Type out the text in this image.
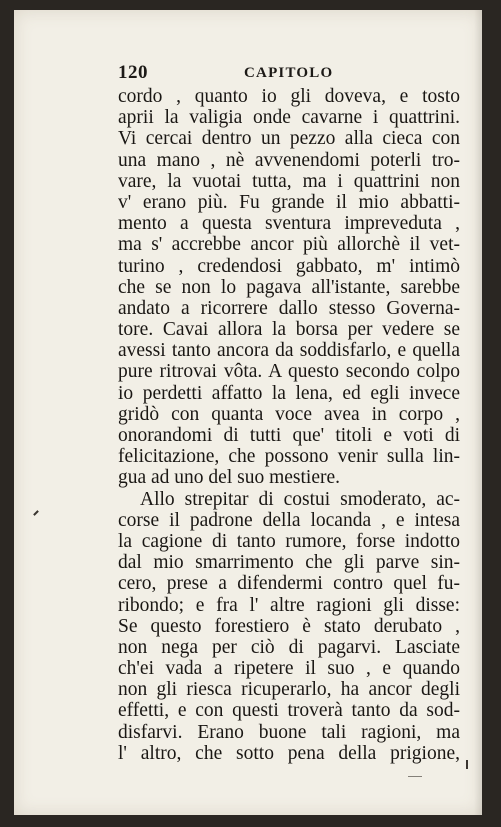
120	CAPITOLO
cordo , quanto io gli doveva, e tosto
aprii la valigia onde cavarne i quattrini.
Vi cercai dentro un pezzo alla cieca con
una mano , nè avvenendomi poterli tro-
vare, la vuotai tutta, ma i quattrini non
v' erano più. Fu grande il mio abbatti-
mento a questa sventura impreveduta ,
ma s' accrebbe ancor più allorchè il vet-
turino , credendosi gabbato, m' intimò
che se non lo pagava all'istante, sarebbe
andato a ricorrere dallo stesso Governa-
tore. Cavai allora la borsa per vedere se
avessi tanto ancora da soddisfarlo, e quella
pure ritrovai vôta. A questo secondo colpo
io perdetti affatto la lena, ed egli invece
gridò con quanta voce avea in corpo ,
onorandomi di tutti que' titoli e voti di
felicitazione, che possono venir sulla lin-
gua ad uno del suo mestiere.
Allo strepitar di costui smoderato, ac-
corse il padrone della locanda , e intesa
la cagione di tanto rumore, forse indotto
dal mio smarrimento che gli parve sin-
cero, prese a difendermi contro quel fu-
ribondo; e fra l' altre ragioni gli disse:
Se questo forestiero è stato derubato ,
non nega per ciò di pagarvi. Lasciate
ch'ei vada a ripetere il suo , e quando
non gli riesca ricuperarlo, ha ancor degli
effetti, e con questi troverà tanto da sod-
disfarvi. Erano buone tali ragioni, ma
l' altro, che sotto pena della prigione,
